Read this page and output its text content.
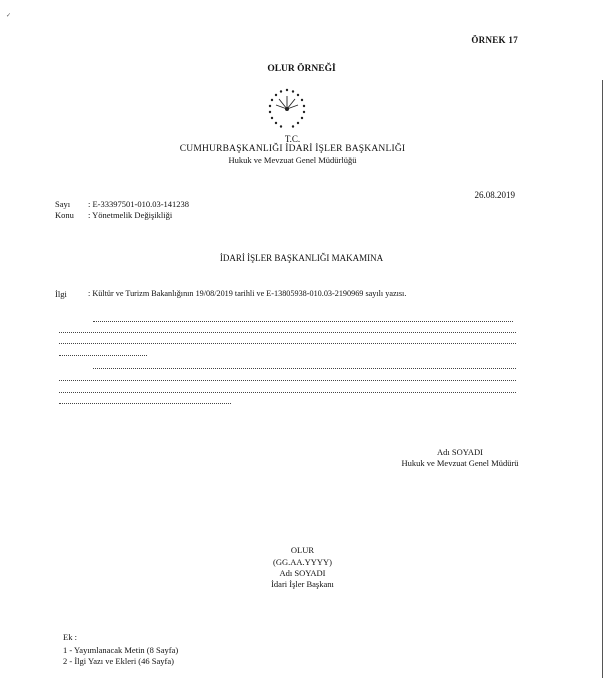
✓
ÖRNEK 17
OLUR ÖRNEĞİ
T.C.
CUMHURBAŞKANLIĞI İDARİ İŞLER BAŞKANLIĞI
Hukuk ve Mevzuat Genel Müdürlüğü
26.08.2019
Sayı : E-33397501-010.03-141238
Konu : Yönetmelik Değişikliği
İDARİ İŞLER BAŞKANLIĞI MAKAMINA
İlgi	: Kültür ve Turizm Bakanlığının 19/08/2019 tarihli ve E-13805938-010.03-2190969 sayılı yazısı.
Adı SOYADI
Hukuk ve Mevzuat Genel Müdürü
OLUR
(GG.AA.YYYY)
Adı SOYADI
İdari İşler Başkanı
Ek :
1 - Yayımlanacak Metin (8 Sayfa)
2 - İlgi Yazı ve Ekleri (46 Sayfa)
